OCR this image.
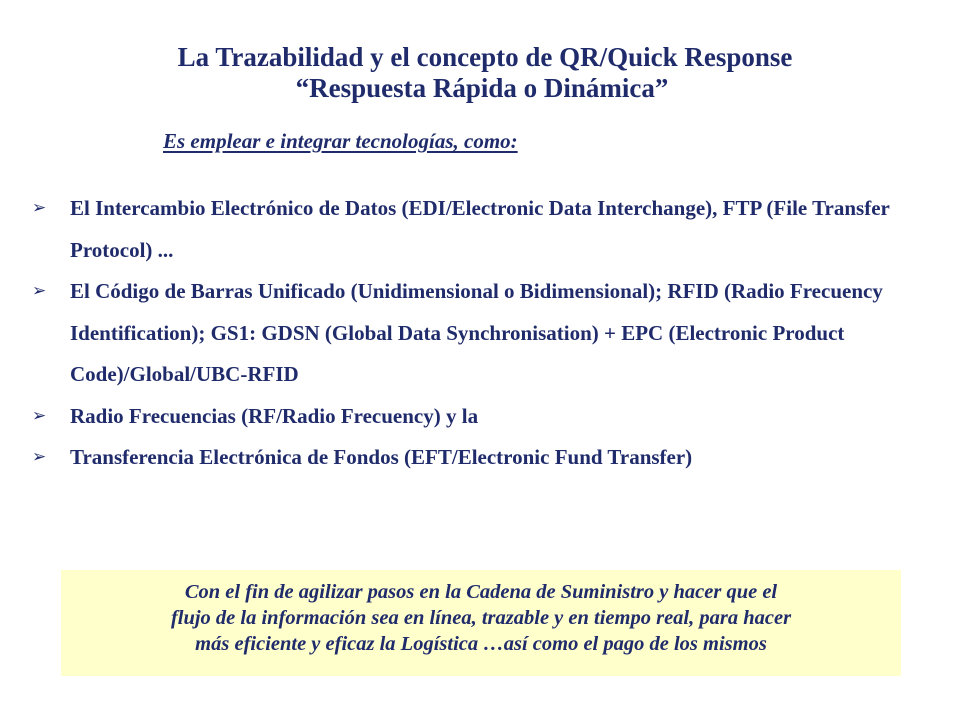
La Trazabilidad y el concepto de QR/Quick Response
“Respuesta Rápida o Dinámica”
Es emplear e integrar tecnologías, como:
➢ El Intercambio Electrónico de Datos (EDI/Electronic Data Interchange), FTP (File Transfer Protocol) ...
➢ El Código de Barras Unificado (Unidimensional o Bidimensional); RFID (Radio Frecuency Identification); GS1: GDSN (Global Data Synchronisation) + EPC (Electronic Product Code)/Global/UBC-RFID
➢ Radio Frecuencias (RF/Radio Frecuency) y la
➢ Transferencia Electrónica de Fondos (EFT/Electronic Fund Transfer)
Con el fin de agilizar pasos en la Cadena de Suministro y hacer que el
flujo de la información sea en línea, trazable y en tiempo real, para hacer
más eficiente y eficaz la Logística …así como el pago de los mismos
